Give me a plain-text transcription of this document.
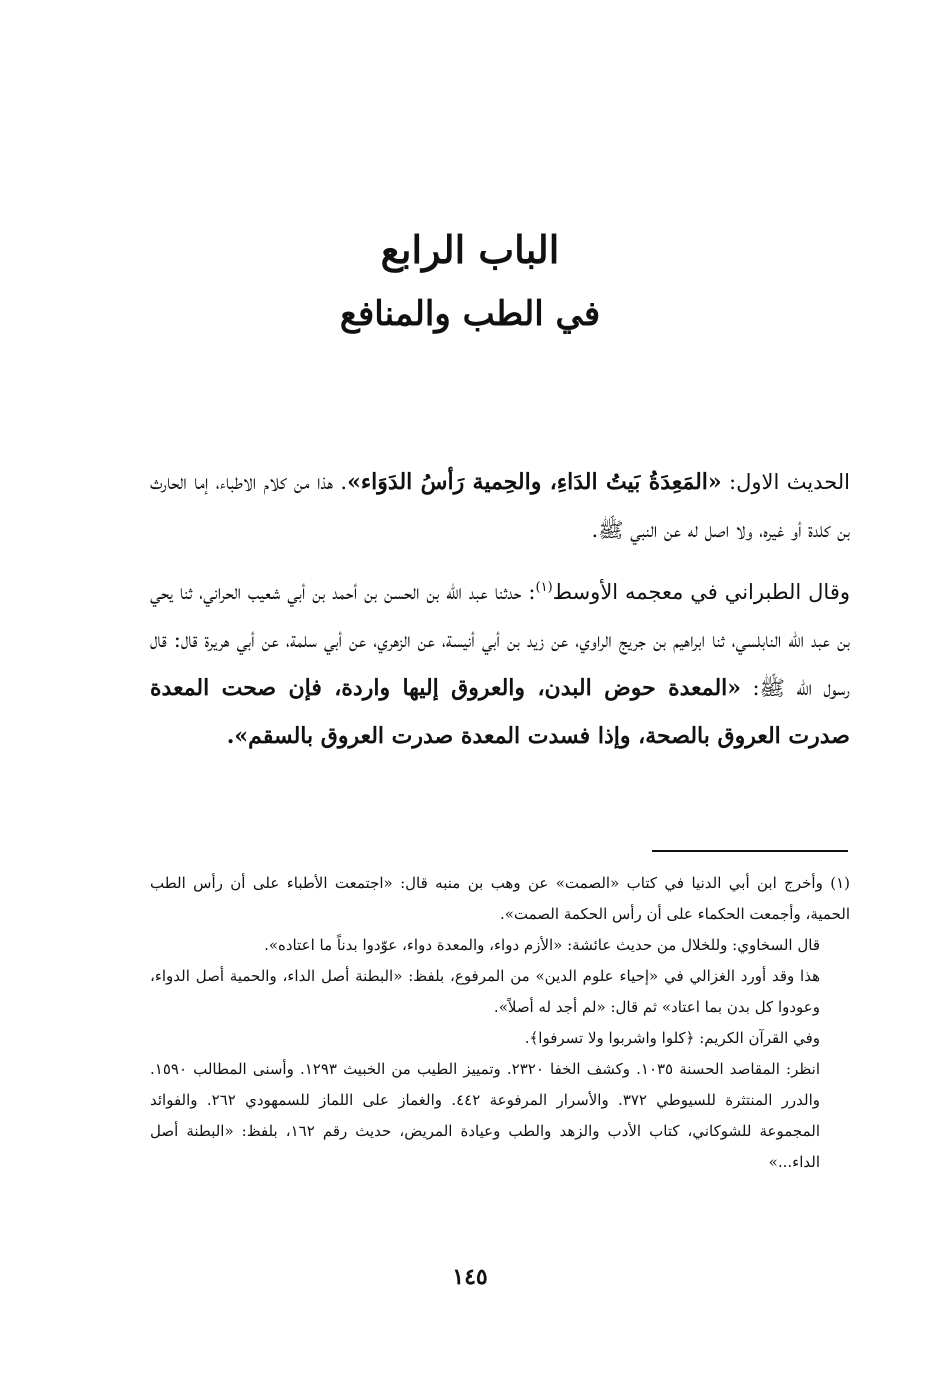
الباب الرابع
في الطب والمنافع

الحديث الاول: «المَعِدَةُ بَيتُ الدَاءِ، والحِمية رَأسُ الدَوَاء». هذا من كلام الاطباء، إما الحارث بن كلدة أو غيره، ولا اصل له عن النبي ﷺ.

وقال الطبراني في معجمه الأوسط$^{(١)}$: حدثنا عبد الله بن الحسن بن أحمد بن أبي شعيب الحراني، ثنا يحي بن عبد الله النابلسي، ثنا ابراهيم بن جريج الراوي، عن زيد بن أبي أنيسة، عن الزهري، عن أبي سلمة، عن أبي هريرة قال: قال رسول الله ﷺ: «المعدة حوض البدن، والعروق إليها واردة، فإن صحت المعدة صدرت العروق بالصحة، وإذا فسدت المعدة صدرت العروق بالسقم».

(١) وأخرج ابن أبي الدنيا في كتاب «الصمت» عن وهب بن منبه قال: «اجتمعت الأطباء على أن رأس الطب الحمية، وأجمعت الحكماء على أن رأس الحكمة الصمت».

قال السخاوي: وللخلال من حديث عائشة: «الأزم دواء، والمعدة دواء، عوّدوا بدناً ما اعتاده».

هذا وقد أورد الغزالي في «إحياء علوم الدين» من المرفوع، بلفظ: «البطنة أصل الداء، والحمية أصل الدواء، وعودوا كل بدن بما اعتاد» ثم قال: «لم أجد له أصلاً».

وفي القرآن الكريم: ﴿كلوا واشربوا ولا تسرفوا﴾.

انظر: المقاصد الحسنة ١٠٣٥. وكشف الخفا ٢٣٢٠. وتمييز الطيب من الخبيث ١٢٩٣. وأسنى المطالب ١٥٩٠. والدرر المنتثرة للسيوطي ٣٧٢. والأسرار المرفوعة ٤٤٢. والغماز على اللماز للسمهودي ٢٦٢. والفوائد المجموعة للشوكاني، كتاب الأدب والزهد والطب وعيادة المريض، حديث رقم ١٦٢، بلفظ: «البطنة أصل الداء...»

١٤٥
